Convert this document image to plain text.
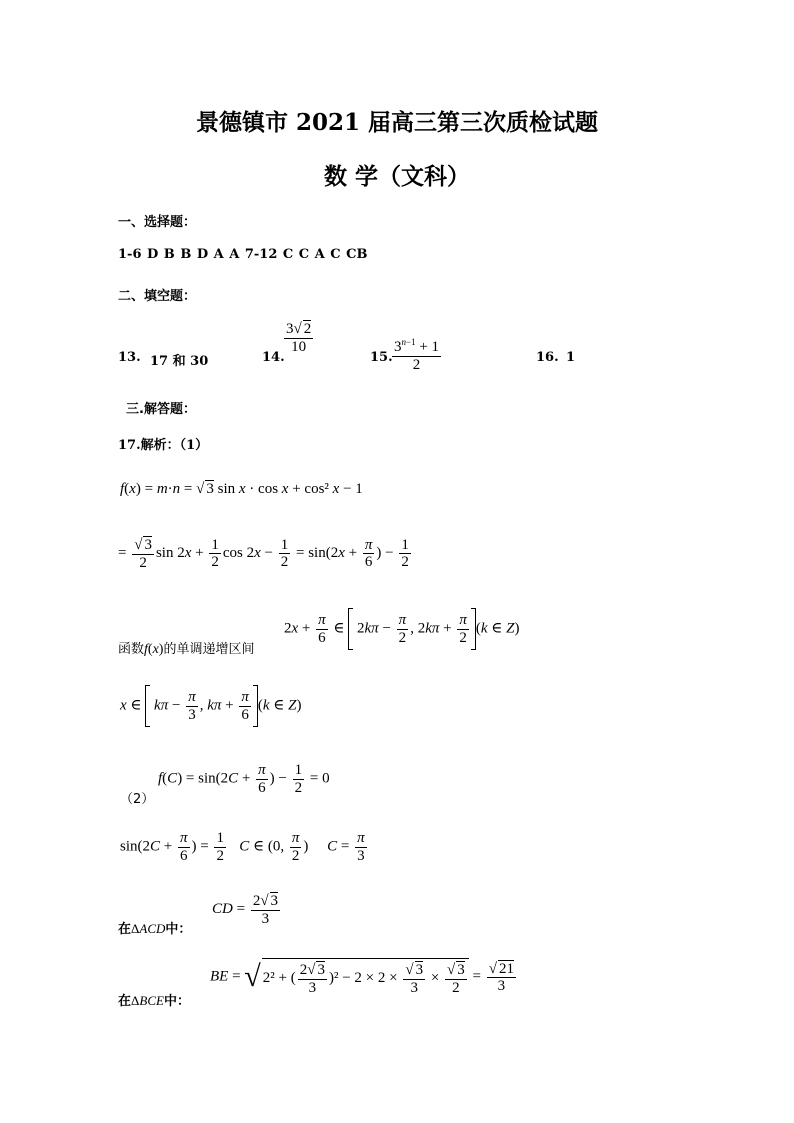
景德镇市 2021 届高三第三次质检试题
数 学（文科）
一、选择题：
1-6 D B B D A A 7-12 C C A C CB
二、填空题：
13. 17 和 30	14.
$\frac{3√ 2}{10}$
15. $\frac{3^{n-1} + 1}{2}$	16. 1
三.解答题：
17.解析：（1）
f(x) = m·n = √ 3 sin x · cos x + cos² x − 1
= $\frac{√ 3}{2}$ $\sin 2x + \frac{1}{2}$ $\cos 2x - \frac{1}{2} = \sin(2x + \frac{\pi}{6}$ ) − $\frac{1}{2}$
函数f(x)的单调递增区间
$2x + \frac{\pi}{6}$ ∈  $2k\pi - \frac{\pi}{2}$ , $2k\pi + \frac{\pi}{2} (k$ ∈ Z)
x ∈  $k\pi - \frac{\pi}{3}$ , $k\pi + \frac{\pi}{6} (k$ ∈ Z)
（2）
$f(C) = \sin(2C + \frac{\pi}{6}$ ) − $\frac{1}{2} = 0$
$\sin(2C + \frac{\pi}{6}$ ) = $\frac{1}{2}$ C ∈ (0, $\frac{\pi}{2}$ )     $C = \frac{\pi}{3}$
在ΔACD中：
CD = $\frac{2√ 3}{3}$
在ΔBCE中：
BE = √ 2² + ( $\frac{2√ 3}{3} )^2 - 2 \times 2 \times \frac{√ 3}{3} \times \frac{√ 3}{2} = \frac{√ 21}{3}$
